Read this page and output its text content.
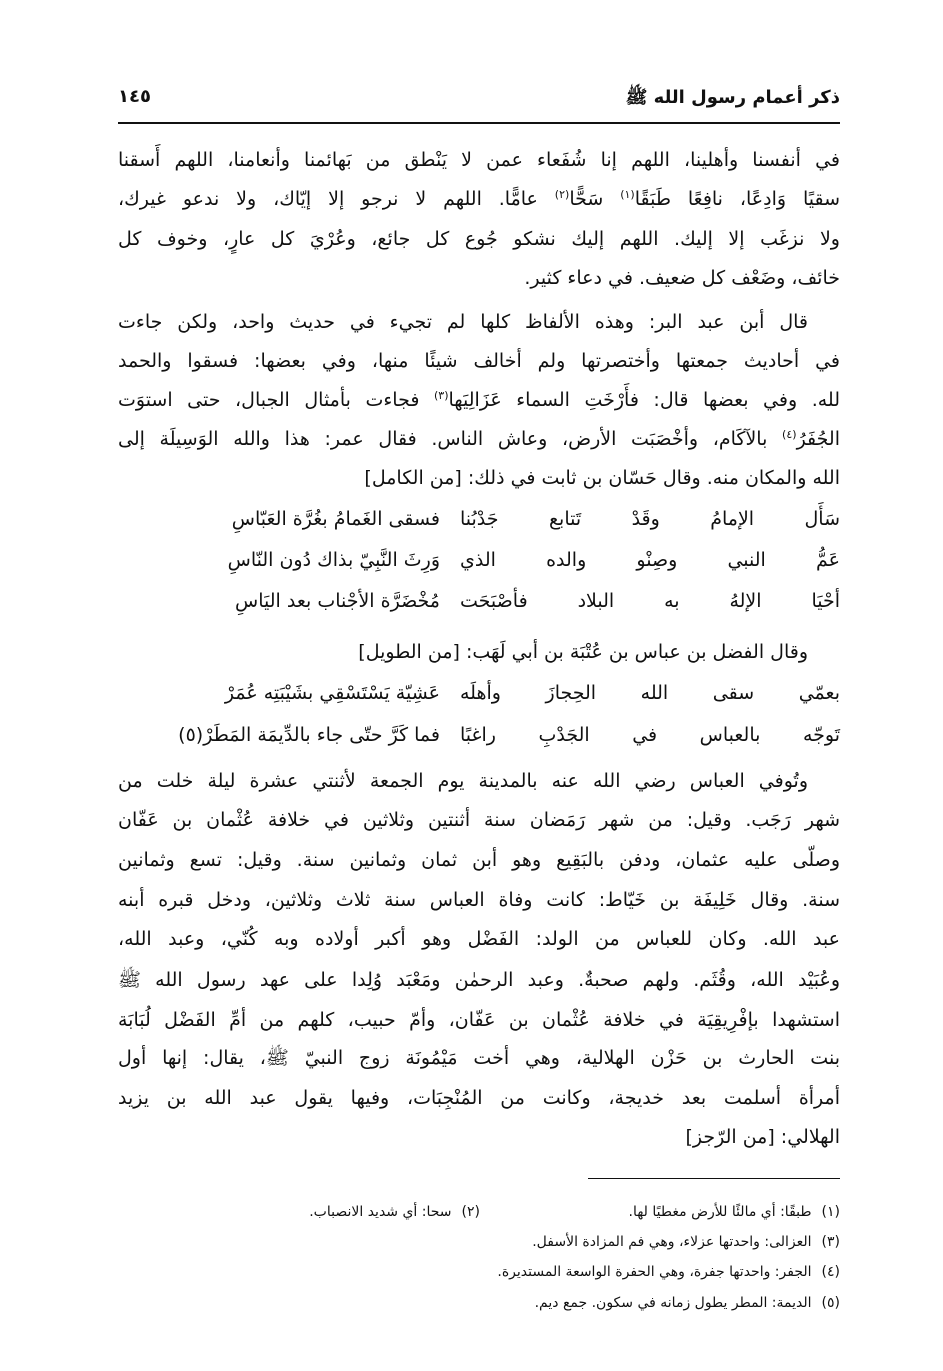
ذكر أعمام رسول الله ﷺ
١٤٥
في أنفسنا وأهلينا، اللهم إنا شُفَعاء عمن لا يَنْطق من بَهائمنا وأنعامنا، اللهم أَسقنا
سقيًا وَادِعًا، نافِعًا طَبَقًا$^{(١)}$ سَحًّا$^{(٢)}$ عامًّا. اللهم لا نرجو إلا إيّاك، ولا ندعو غيرك،
ولا نزغَب إلا إليك. اللهم إليك نشكو جُوع كل جائع، وعُرْيَ كل عارٍ، وخوف كل
خائف، وضَعْف كل ضعيف. في دعاء كثير.
قال أبن عبد البر: وهذه الألفاظ كلها لم تجيء في حديث واحد، ولكن جاءت
في أحاديث جمعتها وأختصرتها ولم أخالف شيئًا منها، وفي بعضها: فسقوا والحمد
لله. وفي بعضها قال: فأَرْخَتِ السماء عَزَالِيَها$^{(٣)}$ فجاءت بأمثال الجبال، حتى استوَت
الجُفَرُ$^{(٤)}$ بالآكَام، وأخْصَبَت الأرض، وعاش الناس. فقال عمر: هذا والله الوَسِيلَة إلى
الله والمكان منه. وقال حَسّان بن ثابت في ذلك: [من الكامل]
وقال الفضل بن عباس بن عُتْبَة بن أبي لَهَب: [من الطويل]
وتُوفي العباس رضي الله عنه بالمدينة يوم الجمعة لأثنتي عشرة ليلة خلت من
شهر رَجَب. وقيل: من شهر رَمَضان سنة أثنتين وثلاثين في خلافة عُثْمان بن عَفّان
وصلّى عليه عثمان، ودفن بالبَقِيع وهو أبن ثمان وثمانين سنة. وقيل: تسع وثمانين
سنة. وقال خَلِيفَة بن خَيّاط: كانت وفاة العباس سنة ثلاث وثلاثين، ودخل قبره أبنه
عبد الله. وكان للعباس من الولد: الفَضْل وهو أكبر أولاده وبه كُنّي، وعبد الله،
وعُبَيْد الله، وقُثَم. ولهم صحبةٌ. وعبد الرحمٰن ومَعْبَد وُلِدا على عهد رسول الله ﷺ
استشهدا بإفْرِيقِيَة في خلافة عُثْمان بن عَفّان، وأمّ حبيب، كلهم من أمِّ الفَضْل لُبَابَة
بنت الحارث بن حَزْن الهلالية، وهي أخت مَيْمُونَة زوج النبيّ ﷺ، يقال: إنها أول
أمرأة أسلمت بعد خديجة، وكانت من المُنْجِبَات، وفيها يقول عبد الله بن يزيد
الهلالي: [من الرّجز]
سَأَل الإمامُ وقَدْ تَتابع جَدْبُنا
فسقى الغَمامُ بغُرَّة العَبّاسِ
عَمُّ النبي وصِنْو والده الذي
وَرِثَ النَّبِيّ بذاك دُون النّاسِ
أحْيَا الإلهُ به البلاد فأصْبَحَت
مُخْضَرَّة الأجْناب بعد اليَاسِ
بعمّي سقى الله الحِجازَ وأهلَه
عَشِيّة يَسْتَسْقِي بشَيْبَتِه عُمَرْ
تَوجّه بالعباس في الجَدْبِ راغبًا
فما كَرَّ حتّى جاء بالدِّيمَة المَطَرْ(٥)
(١)طبقًا: أي مالئًا للأرض مغطيًا لها.
(٢)سحا: أي شديد الانصباب.
(٣)العزالى: واحدتها عزلاء، وهي فم المزادة الأسفل.
(٤)الجفر: واحدتها جفرة، وهي الحفرة الواسعة المستديرة.
(٥)الديمة: المطر يطول زمانه في سكون. جمع ديم.
